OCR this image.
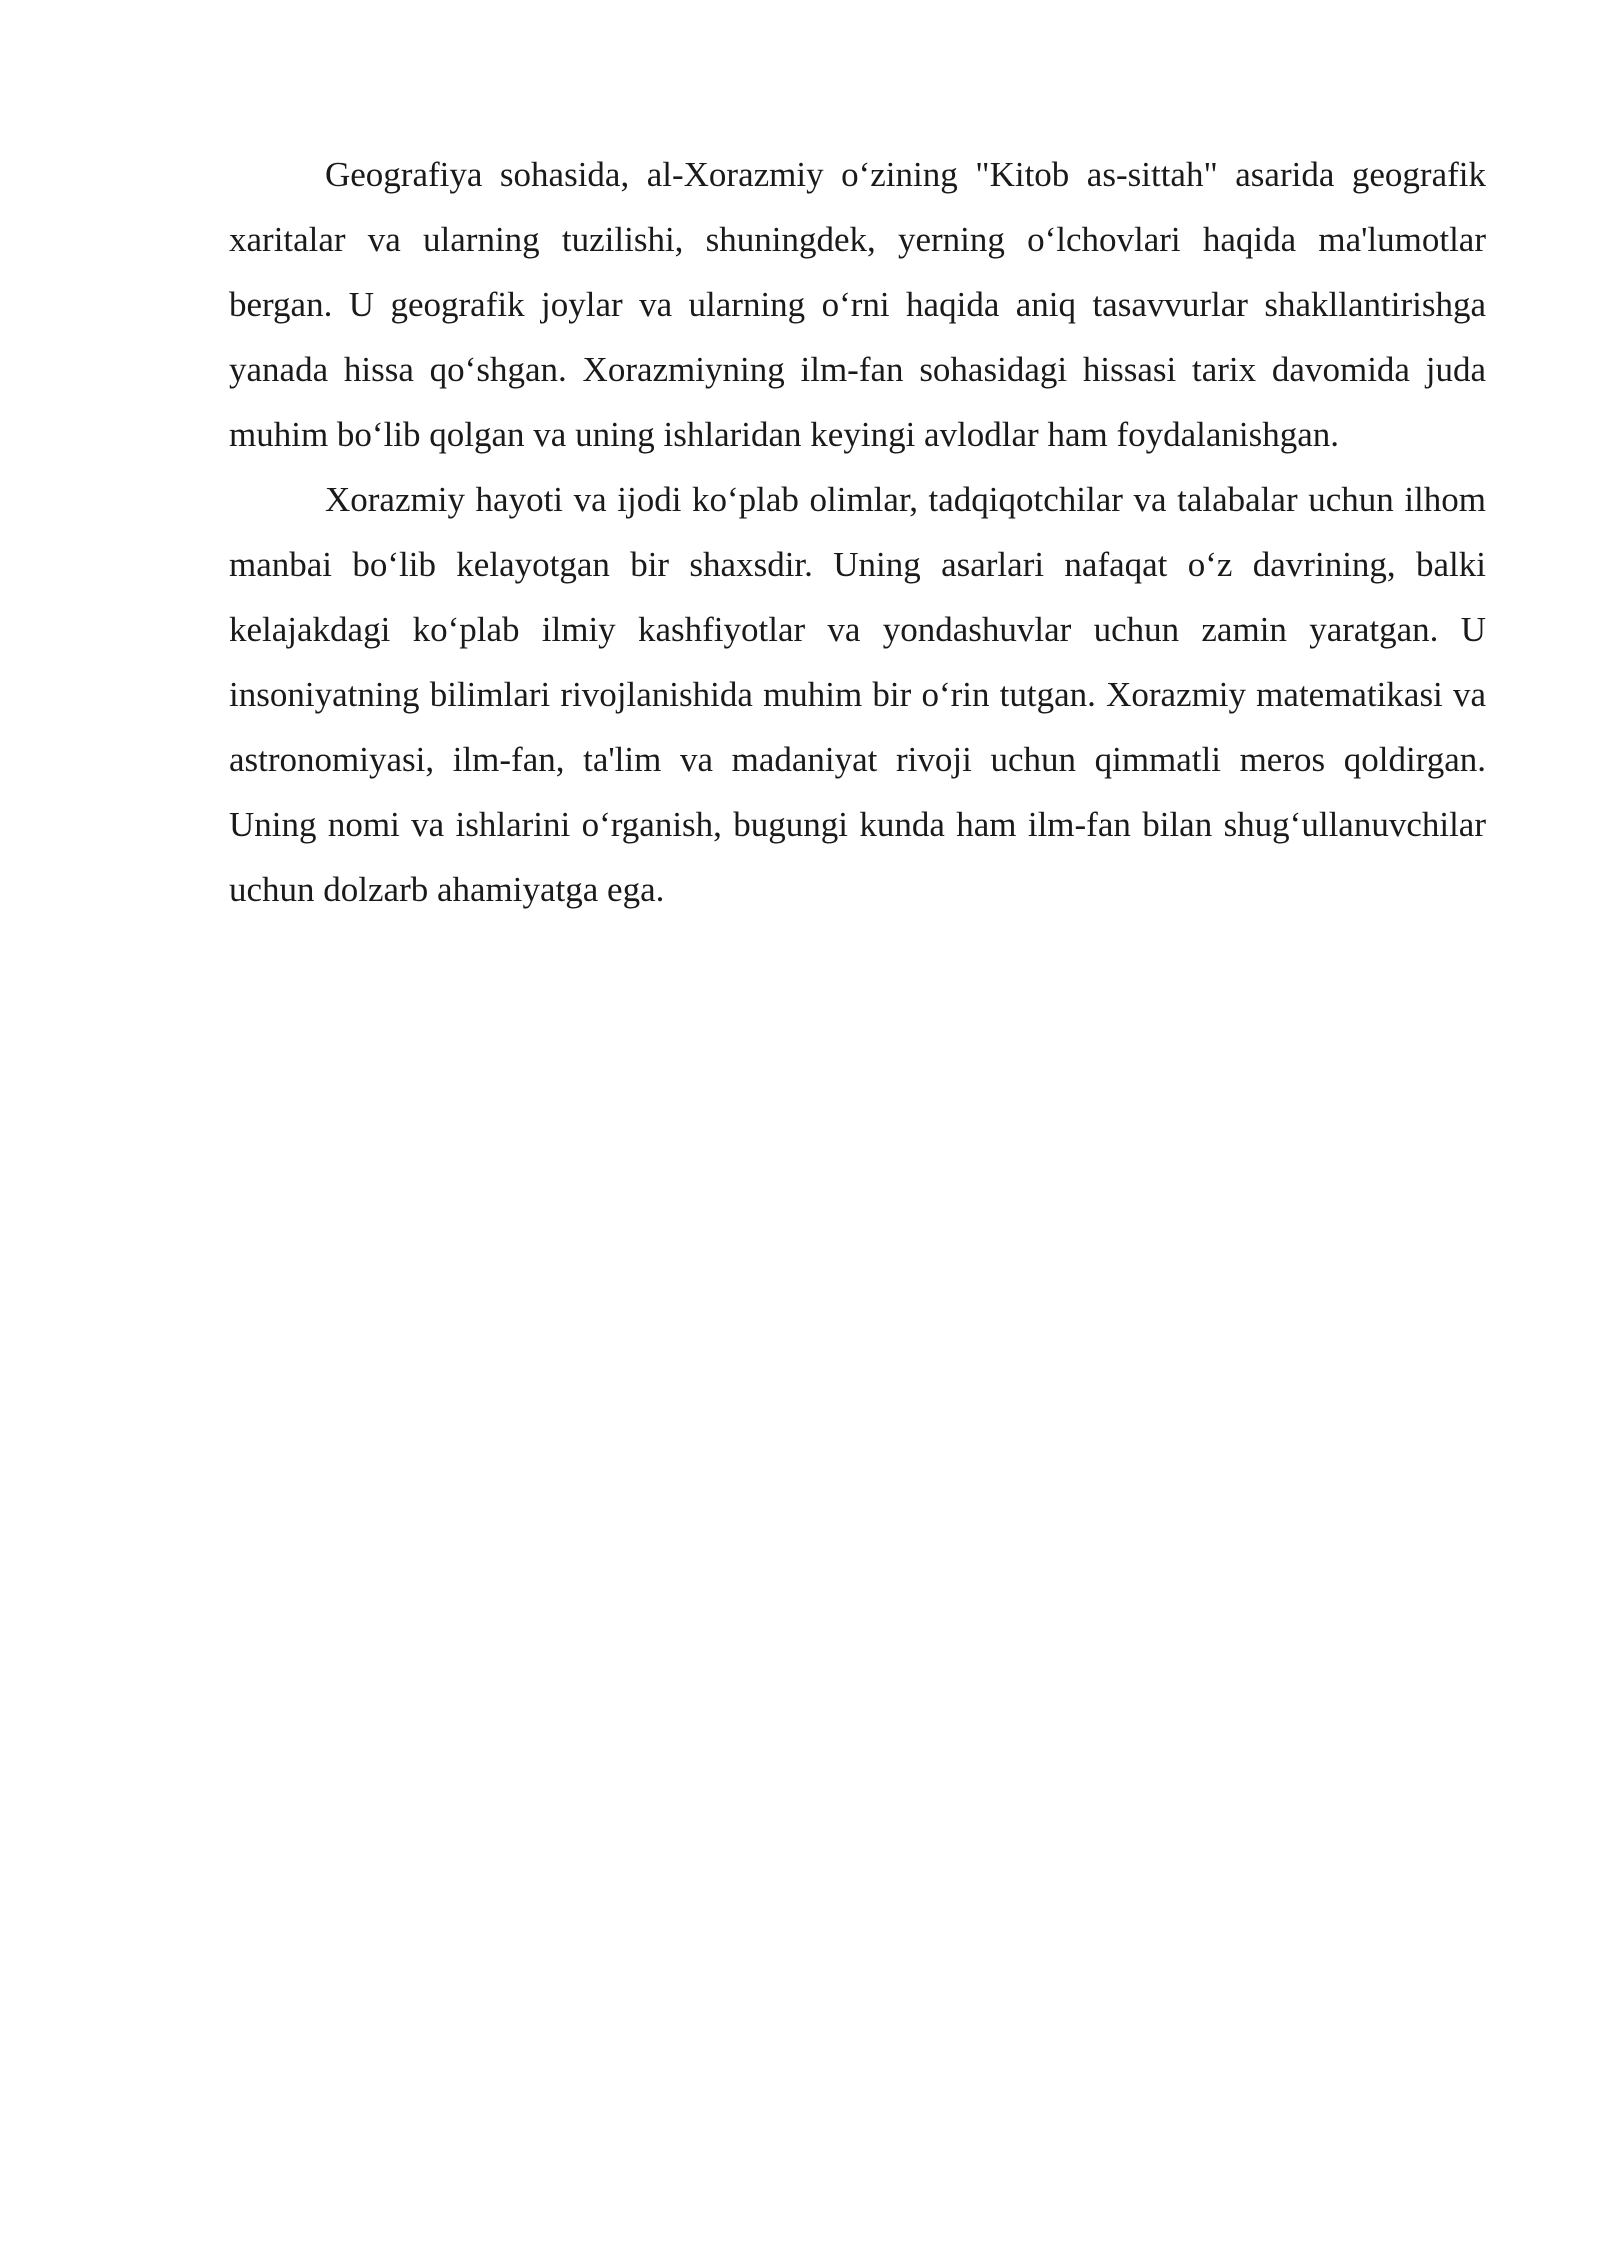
Geografiya sohasida, al-Xorazmiy o‘zining "Kitob as-sittah" asarida geografik xaritalar va ularning tuzilishi, shuningdek, yerning o‘lchovlari haqida ma'lumotlar bergan. U geografik joylar va ularning o‘rni haqida aniq tasavvurlar shakllantirishga yanada hissa qo‘shgan. Xorazmiyning ilm-fan sohasidagi hissasi tarix davomida juda muhim bo‘lib qolgan va uning ishlaridan keyingi avlodlar ham foydalanishgan.

Xorazmiy hayoti va ijodi ko‘plab olimlar, tadqiqotchilar va talabalar uchun ilhom manbai bo‘lib kelayotgan bir shaxsdir. Uning asarlari nafaqat o‘z davrining, balki kelajakdagi ko‘plab ilmiy kashfiyotlar va yondashuvlar uchun zamin yaratgan. U insoniyatning bilimlari rivojlanishida muhim bir o‘rin tutgan. Xorazmiy matematikasi va astronomiyasi, ilm-fan, ta'lim va madaniyat rivoji uchun qimmatli meros qoldirgan. Uning nomi va ishlarini o‘rganish, bugungi kunda ham ilm-fan bilan shug‘ullanuvchilar uchun dolzarb ahamiyatga ega.
